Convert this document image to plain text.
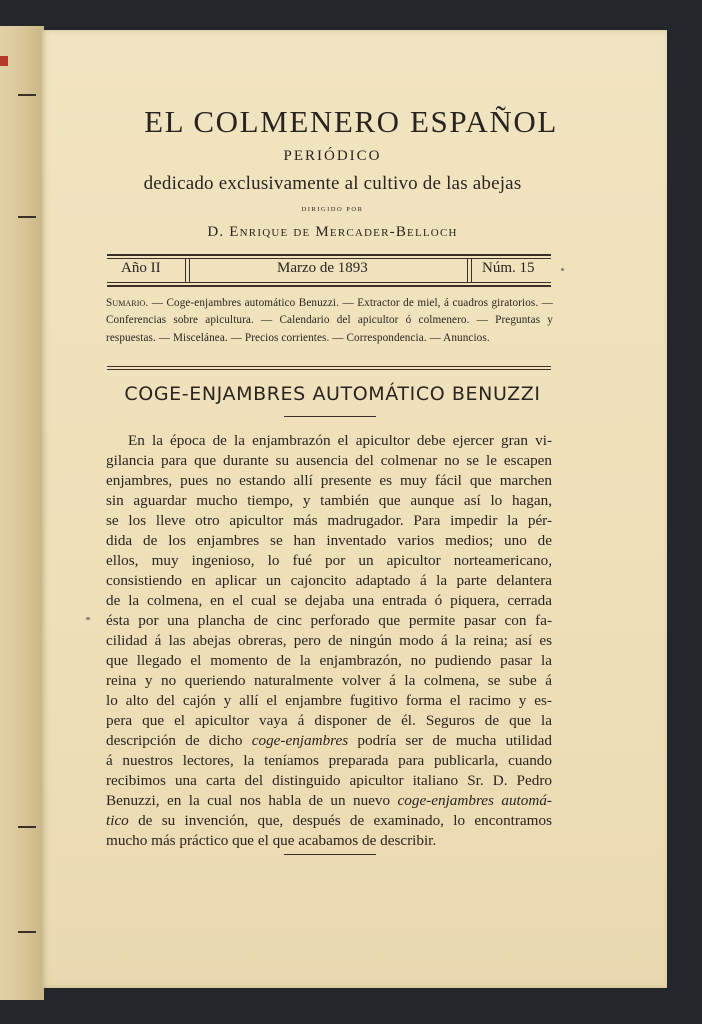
EL COLMENERO ESPAÑOL
PERIÓDICO
dedicado exclusivamente al cultivo de las abejas
DIRIGIDO POR
D. Enrique de Mercader-Belloch
Año II	Marzo de 1893	Núm. 15
Sumario. — Coge-enjambres automático Benuzzi. — Extractor de miel, á cuadros giratorios. — Conferencias sobre apicultura. — Calendario del apicultor ó colmenero. — Preguntas y respuestas. — Miscelánea. — Precios corrientes. — Correspondencia. — Anuncios.
COGE-ENJAMBRES AUTOMÁTICO BENUZZI
En la época de la enjambrazón el apicultor debe ejercer gran vi-
gilancia para que durante su ausencia del colmenar no se le escapen
enjambres, pues no estando allí presente es muy fácil que marchen
sin aguardar mucho tiempo, y también que aunque así lo hagan,
se los lleve otro apicultor más madrugador. Para impedir la pér-
dida de los enjambres se han inventado varios medios; uno de
ellos, muy ingenioso, lo fué por un apicultor norteamericano,
consistiendo en aplicar un cajoncito adaptado á la parte delantera
de la colmena, en el cual se dejaba una entrada ó piquera, cerrada
ésta por una plancha de cinc perforado que permite pasar con fa-
cilidad á las abejas obreras, pero de ningún modo á la reina; así es
que llegado el momento de la enjambrazón, no pudiendo pasar la
reina y no queriendo naturalmente volver á la colmena, se sube á
lo alto del cajón y allí el enjambre fugitivo forma el racimo y es-
pera que el apicultor vaya á disponer de él. Seguros de que la
descripción de dicho coge-enjambres podría ser de mucha utilidad
á nuestros lectores, la teníamos preparada para publicarla, cuando
recibimos una carta del distinguido apicultor italiano Sr. D. Pedro
Benuzzi, en la cual nos habla de un nuevo coge-enjambres automá-
tico de su invención, que, después de examinado, lo encontramos
mucho más práctico que el que acabamos de describir.
